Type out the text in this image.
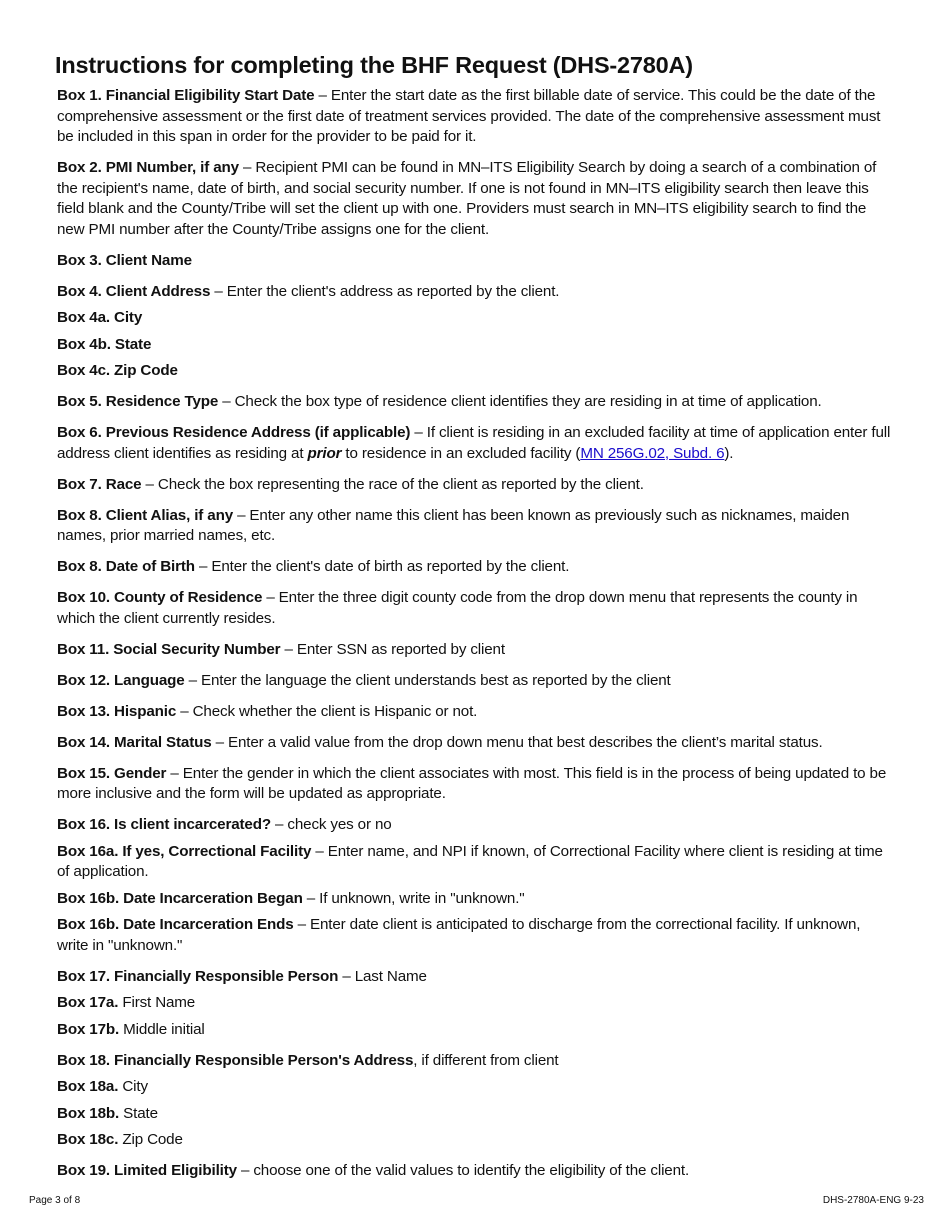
Instructions for completing the BHF Request (DHS-2780A)
Box 1. Financial Eligibility Start Date – Enter the start date as the first billable date of service. This could be the date of the comprehensive assessment or the first date of treatment services provided. The date of the comprehensive assessment must be included in this span in order for the provider to be paid for it.
Box 2. PMI Number, if any – Recipient PMI can be found in MN–ITS Eligibility Search by doing a search of a combination of the recipient's name, date of birth, and social security number. If one is not found in MN–ITS eligibility search then leave this field blank and the County/Tribe will set the client up with one. Providers must search in MN–ITS eligibility search to find the new PMI number after the County/Tribe assigns one for the client.
Box 3. Client Name
Box 4. Client Address – Enter the client's address as reported by the client.
Box 4a. City
Box 4b. State
Box 4c. Zip Code
Box 5. Residence Type – Check the box type of residence client identifies they are residing in at time of application.
Box 6. Previous Residence Address (if applicable) – If client is residing in an excluded facility at time of application enter full address client identifies as residing at prior to residence in an excluded facility (MN 256G.02, Subd. 6).
Box 7. Race – Check the box representing the race of the client as reported by the client.
Box 8. Client Alias, if any – Enter any other name this client has been known as previously such as nicknames, maiden names, prior married names, etc.
Box 8. Date of Birth – Enter the client's date of birth as reported by the client.
Box 10. County of Residence – Enter the three digit county code from the drop down menu that represents the county in which the client currently resides.
Box 11. Social Security Number – Enter SSN as reported by client
Box 12. Language – Enter the language the client understands best as reported by the client
Box 13. Hispanic – Check whether the client is Hispanic or not.
Box 14. Marital Status – Enter a valid value from the drop down menu that best describes the client’s marital status.
Box 15. Gender – Enter the gender in which the client associates with most. This field is in the process of being updated to be more inclusive and the form will be updated as appropriate.
Box 16. Is client incarcerated? – check yes or no
Box 16a. If yes, Correctional Facility – Enter name, and NPI if known, of Correctional Facility where client is residing at time of application.
Box 16b. Date Incarceration Began – If unknown, write in "unknown."
Box 16b. Date Incarceration Ends – Enter date client is anticipated to discharge from the correctional facility. If unknown, write in "unknown."
Box 17. Financially Responsible Person – Last Name
Box 17a. First Name
Box 17b. Middle initial
Box 18. Financially Responsible Person's Address, if different from client
Box 18a. City
Box 18b. State
Box 18c. Zip Code
Box 19. Limited Eligibility – choose one of the valid values to identify the eligibility of the client.
Page 3 of 8	DHS-2780A-ENG 9-23
